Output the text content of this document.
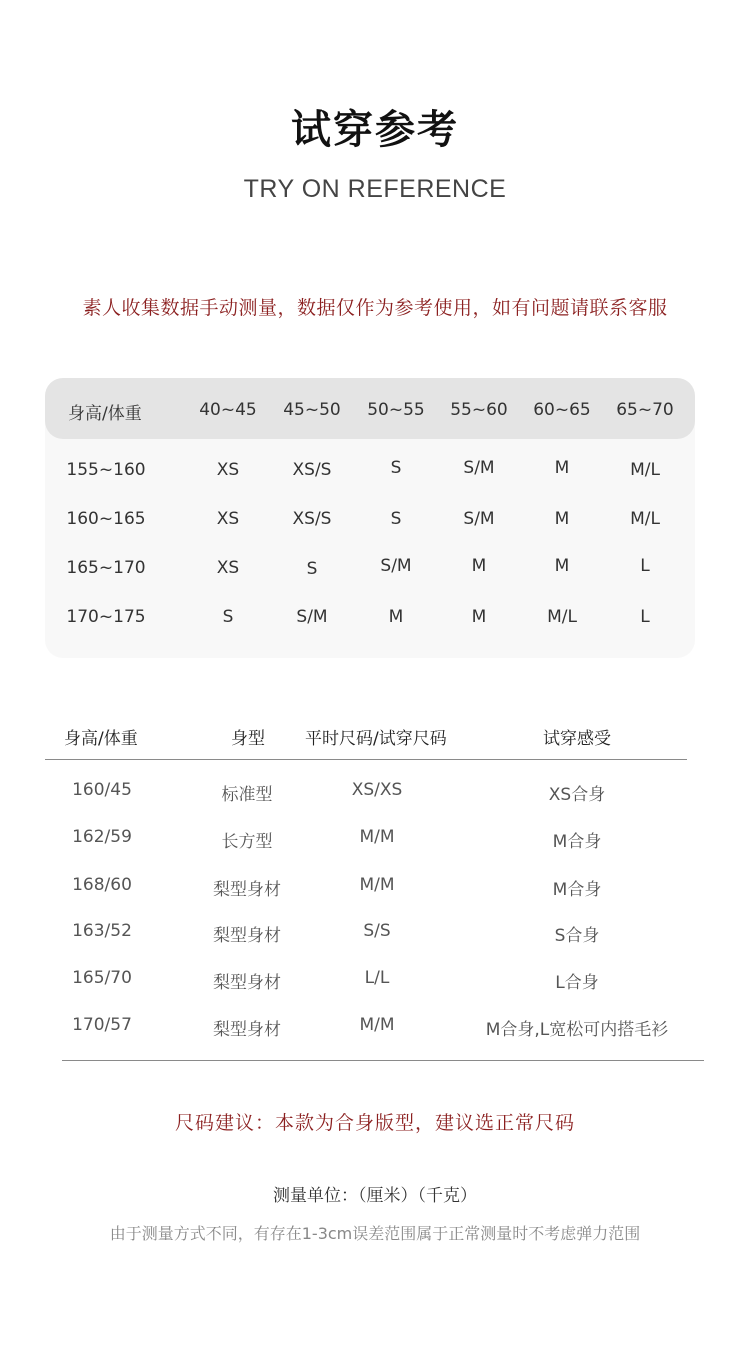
试穿参考
TRY ON REFERENCE
素人收集数据手动测量，数据仅作为参考使用，如有问题请联系客服
身高/体重	40~45 45~50 50~55 55~60 60~65 65~70
155~160	XS	XS/S	S	S/M	M	M/L
160~165	XS	XS/S	S	S/M	M	M/L
165~170	XS	S	S/M	M	M	L
170~175	S	S/M	M	M	M/L	L
身高/体重	身型 平时尺码/试穿尺码	试穿感受
160/45	标准型	XS/XS	XS合身
162/59	长方型	M/M	M合身
168/60	梨型身材	M/M	M合身
163/52	梨型身材	S/S	S合身
165/70	梨型身材	L/L	L合身
170/57	梨型身材	M/M	M合身,L宽松可内搭毛衫
尺码建议：本款为合身版型，建议选正常尺码
测量单位：（厘米）（千克）
由于测量方式不同，有存在1-3cm误差范围属于正常测量时不考虑弹力范围
